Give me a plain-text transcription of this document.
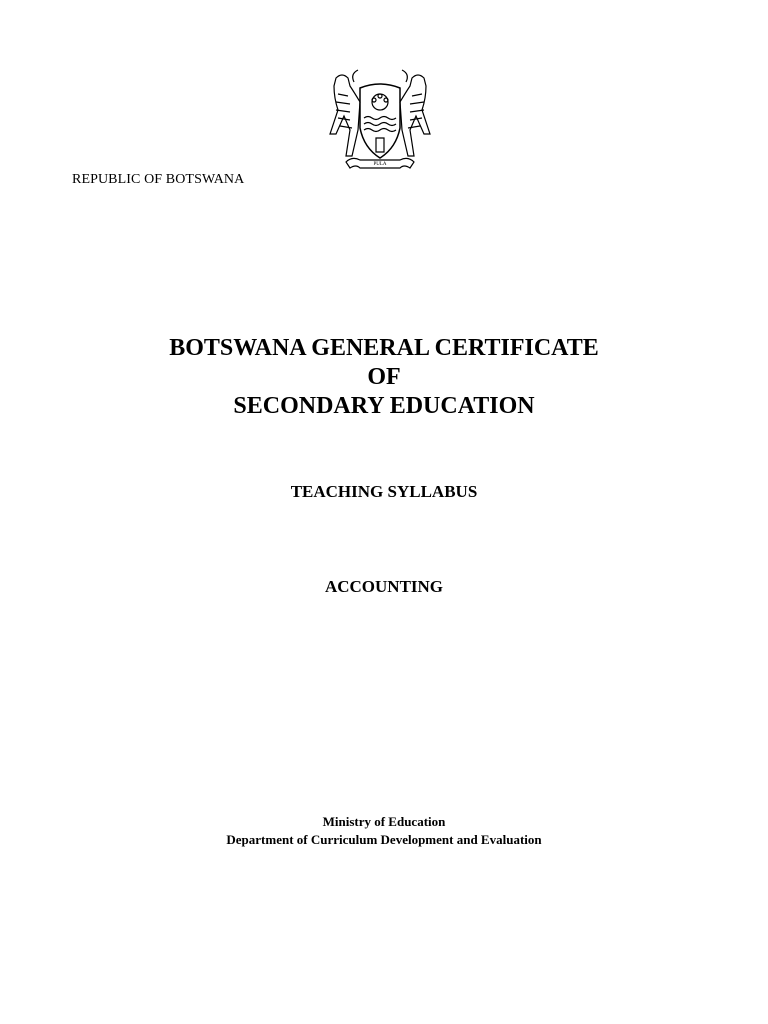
PULA
REPUBLIC OF BOTSWANA
BOTSWANA GENERAL CERTIFICATE
OF
SECONDARY EDUCATION
TEACHING SYLLABUS
ACCOUNTING
Ministry of Education
Department of Curriculum Development and Evaluation
